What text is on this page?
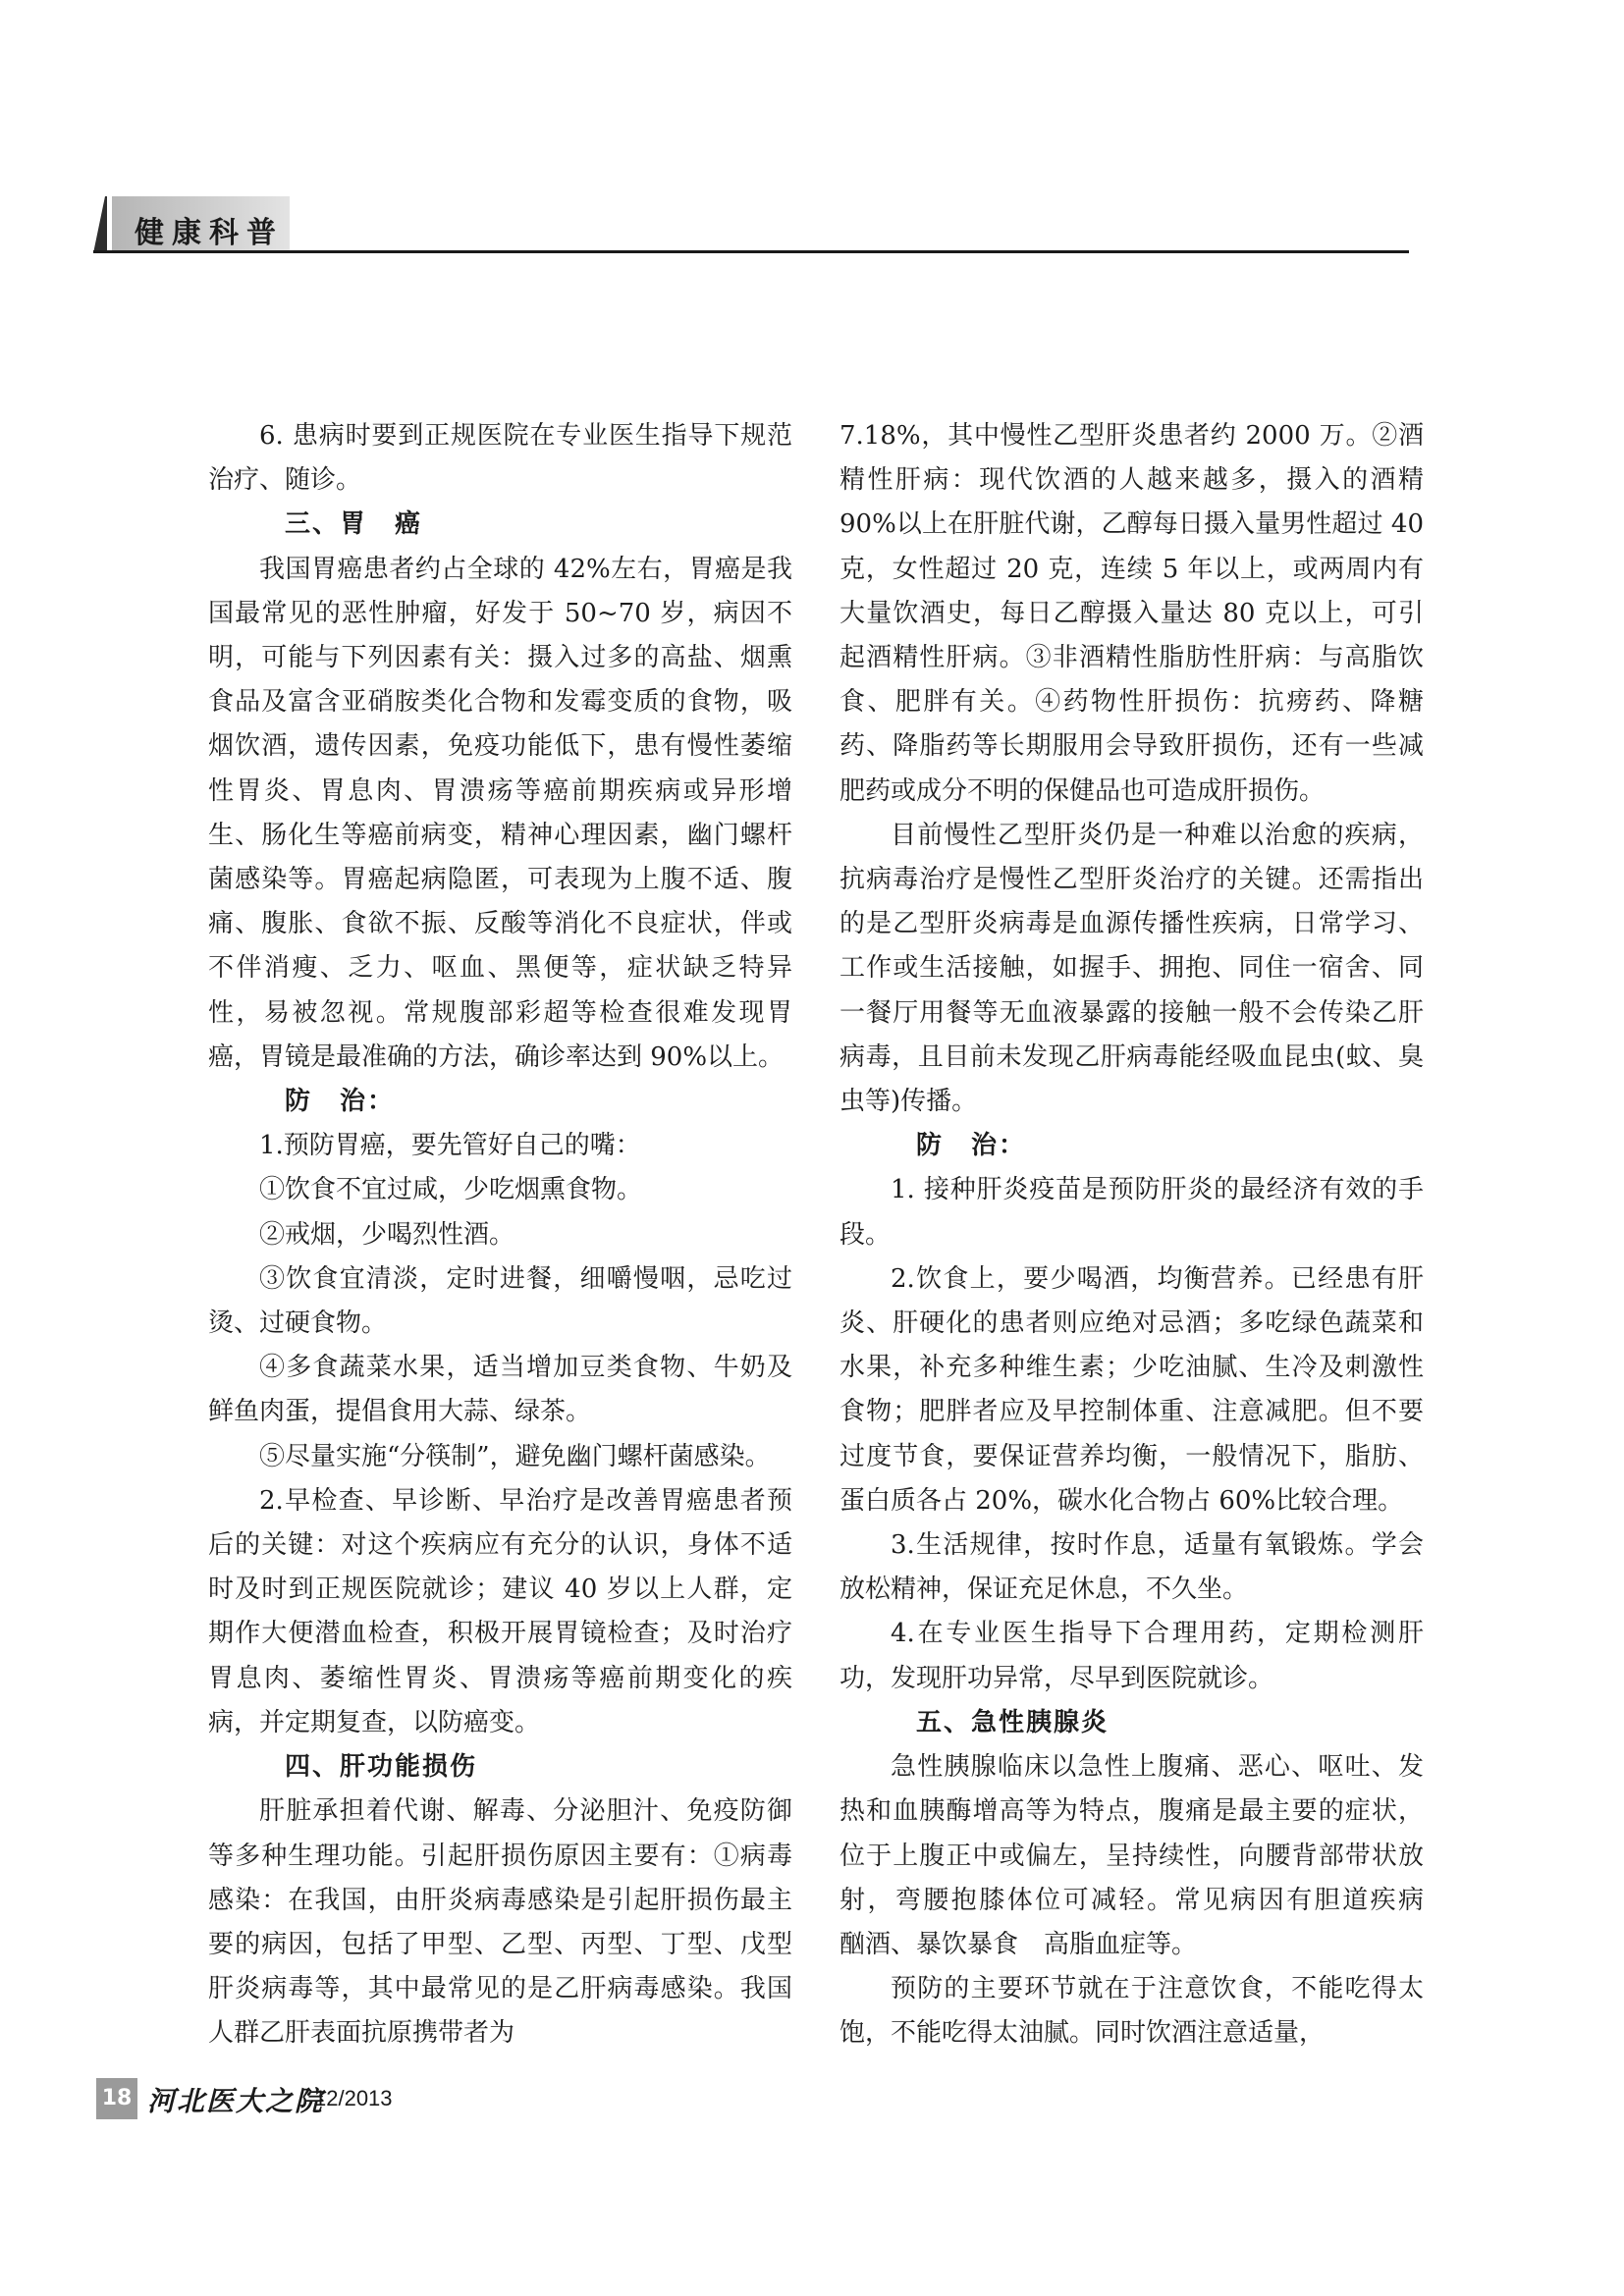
健康科普

6. 患病时要到正规医院在专业医生指导下规范治疗、随诊。

三、胃　癌

我国胃癌患者约占全球的 42%左右，胃癌是我国最常见的恶性肿瘤，好发于 50~70 岁，病因不明，可能与下列因素有关：摄入过多的高盐、烟熏食品及富含亚硝胺类化合物和发霉变质的食物，吸烟饮酒，遗传因素，免疫功能低下，患有慢性萎缩性胃炎、胃息肉、胃溃疡等癌前期疾病或异形增生、肠化生等癌前病变，精神心理因素，幽门螺杆菌感染等。胃癌起病隐匿，可表现为上腹不适、腹痛、腹胀、食欲不振、反酸等消化不良症状，伴或不伴消瘦、乏力、呕血、黑便等，症状缺乏特异性，易被忽视。常规腹部彩超等检查很难发现胃癌，胃镜是最准确的方法，确诊率达到 90%以上。

防　治：

1.预防胃癌，要先管好自己的嘴：

①饮食不宜过咸，少吃烟熏食物。

②戒烟，少喝烈性酒。

③饮食宜清淡，定时进餐，细嚼慢咽，忌吃过烫、过硬食物。

④多食蔬菜水果，适当增加豆类食物、牛奶及鲜鱼肉蛋，提倡食用大蒜、绿茶。

⑤尽量实施“分筷制”，避免幽门螺杆菌感染。

2.早检查、早诊断、早治疗是改善胃癌患者预后的关键：对这个疾病应有充分的认识，身体不适时及时到正规医院就诊；建议 40 岁以上人群，定期作大便潜血检查，积极开展胃镜检查；及时治疗胃息肉、萎缩性胃炎、胃溃疡等癌前期变化的疾病，并定期复查，以防癌变。

四、肝功能损伤

肝脏承担着代谢、解毒、分泌胆汁、免疫防御等多种生理功能。引起肝损伤原因主要有：①病毒感染：在我国，由肝炎病毒感染是引起肝损伤最主要的病因，包括了甲型、乙型、丙型、丁型、戊型肝炎病毒等，其中最常见的是乙肝病毒感染。我国人群乙肝表面抗原携带者为

7.18%，其中慢性乙型肝炎患者约 2000 万。②酒精性肝病：现代饮酒的人越来越多，摄入的酒精 90%以上在肝脏代谢，乙醇每日摄入量男性超过 40 克，女性超过 20 克，连续 5 年以上，或两周内有大量饮酒史，每日乙醇摄入量达 80 克以上，可引起酒精性肝病。③非酒精性脂肪性肝病：与高脂饮食、肥胖有关。④药物性肝损伤：抗痨药、降糖药、降脂药等长期服用会导致肝损伤，还有一些减肥药或成分不明的保健品也可造成肝损伤。

目前慢性乙型肝炎仍是一种难以治愈的疾病，抗病毒治疗是慢性乙型肝炎治疗的关键。还需指出的是乙型肝炎病毒是血源传播性疾病，日常学习、工作或生活接触，如握手、拥抱、同住一宿舍、同一餐厅用餐等无血液暴露的接触一般不会传染乙肝病毒，且目前未发现乙肝病毒能经吸血昆虫(蚊、臭虫等)传播。

防　治：

1. 接种肝炎疫苗是预防肝炎的最经济有效的手段。

2.饮食上，要少喝酒，均衡营养。已经患有肝炎、肝硬化的患者则应绝对忌酒；多吃绿色蔬菜和水果，补充多种维生素；少吃油腻、生冷及刺激性食物；肥胖者应及早控制体重、注意减肥。但不要过度节食，要保证营养均衡，一般情况下，脂肪、蛋白质各占 20%，碳水化合物占 60%比较合理。

3.生活规律，按时作息，适量有氧锻炼。学会放松精神，保证充足休息，不久坐。

4.在专业医生指导下合理用药，定期检测肝功，发现肝功异常，尽早到医院就诊。

五、急性胰腺炎

急性胰腺临床以急性上腹痛、恶心、呕吐、发热和血胰酶增高等为特点，腹痛是最主要的症状，位于上腹正中或偏左，呈持续性，向腰背部带状放射，弯腰抱膝体位可减轻。常见病因有胆道疾病　酗酒、暴饮暴食　高脂血症等。

预防的主要环节就在于注意饮食，不能吃得太饱，不能吃得太油腻。同时饮酒注意适量，

18 河北医大之院
12/2013
